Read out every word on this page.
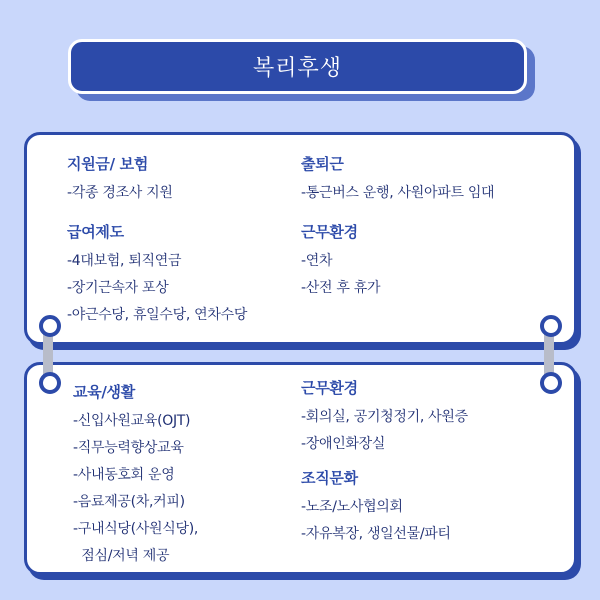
복리후생
지원금/ 보험
-각종 경조사 지원
급여제도
-4대보험, 퇴직연금
-장기근속자 포상
-야근수당, 휴일수당, 연차수당
출퇴근
-통근버스 운행, 사원아파트 임대
근무환경
-연차
-산전 후 휴가
교육/생활
-신입사원교육(OJT)
-직무능력향상교육
-사내동호회 운영
-음료제공(차,커피)
-구내식당(사원식당),
점심/저녁 제공
근무환경
-회의실, 공기청정기, 사원증
-장애인화장실
조직문화
-노조/노사협의회
-자유복장, 생일선물/파티
